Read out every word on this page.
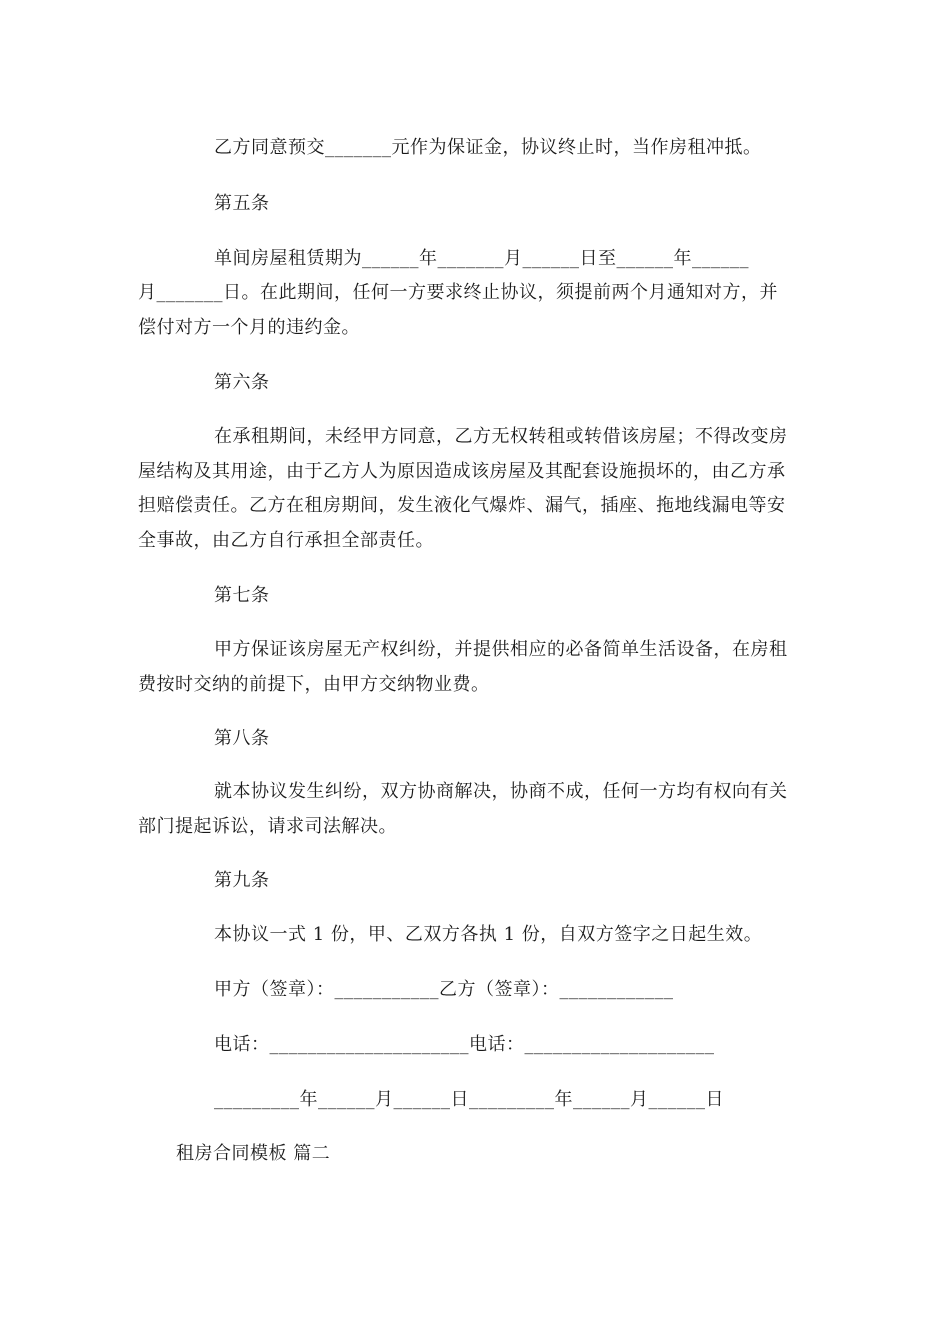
乙方同意预交_______元作为保证金，协议终止时，当作房租冲抵。
第五条
单间房屋租赁期为______年_______月______日至______年______
月_______日。在此期间，任何一方要求终止协议，须提前两个月通知对方，并
偿付对方一个月的违约金。
第六条
在承租期间，未经甲方同意，乙方无权转租或转借该房屋；不得改变房
屋结构及其用途，由于乙方人为原因造成该房屋及其配套设施损坏的，由乙方承
担赔偿责任。乙方在租房期间，发生液化气爆炸、漏气，插座、拖地线漏电等安
全事故，由乙方自行承担全部责任。
第七条
甲方保证该房屋无产权纠纷，并提供相应的必备简单生活设备，在房租
费按时交纳的前提下，由甲方交纳物业费。
第八条
就本协议发生纠纷，双方协商解决，协商不成，任何一方均有权向有关
部门提起诉讼，请求司法解决。
第九条
本协议一式 1 份，甲、乙双方各执 1 份，自双方签字之日起生效。
甲方（签章）：___________乙方（签章）：____________
电话：_____________________电话：____________________
_________年______月______日_________年______月______日
租房合同模板 篇二
